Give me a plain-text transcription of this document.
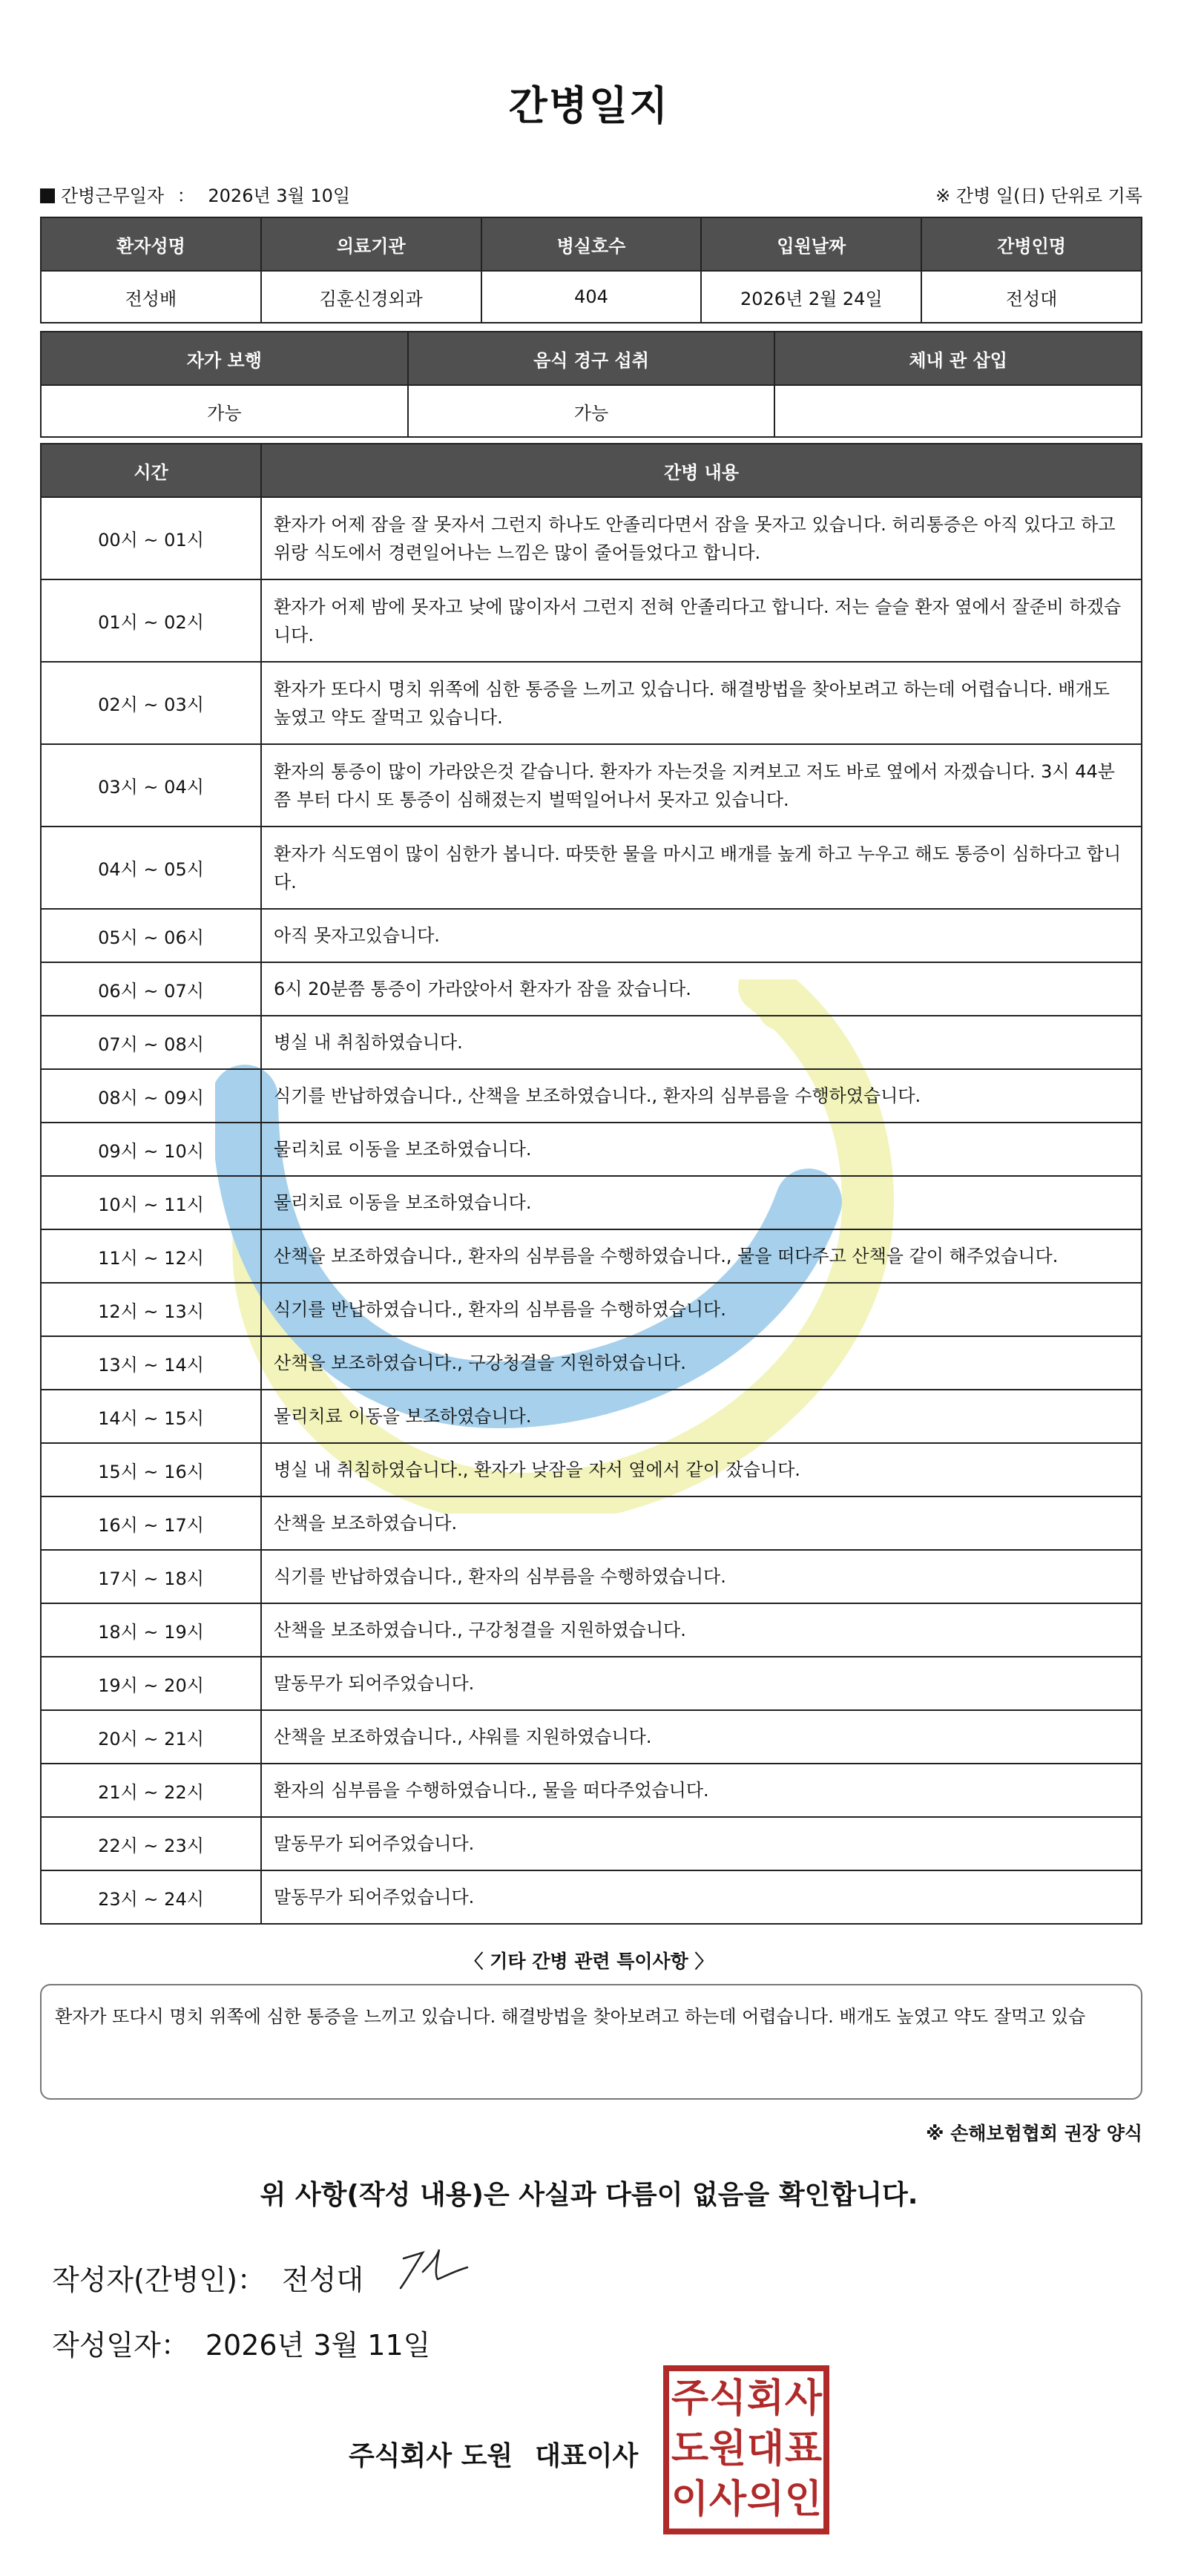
간병일지
간병근무일자 ： 2026년 3월 10일	※ 간병 일(日) 단위로 기록
환자성명	의료기관	병실호수	입원날짜	간병인명
전성배	김훈신경외과	404	2026년 2월 24일	전성대
자가 보행	음식 경구 섭취	체내 관 삽입
가능	가능	
시간	간병 내용
00시 ~ 01시	환자가 어제 잠을 잘 못자서 그런지 하나도 안졸리다면서 잠을 못자고 있습니다. 허리통증은 아직 있다고 하고 위랑 식도에서 경련일어나는 느낌은 많이 줄어들었다고 합니다.
01시 ~ 02시	환자가 어제 밤에 못자고 낮에 많이자서 그런지 전혀 안졸리다고 합니다. 저는 슬슬 환자 옆에서 잘준비 하겠습니다.
02시 ~ 03시	환자가 또다시 명치 위쪽에 심한 통증을 느끼고 있습니다. 해결방법을 찾아보려고 하는데 어렵습니다. 배개도 높였고 약도 잘먹고 있습니다.
03시 ~ 04시	환자의 통증이 많이 가라앉은것 같습니다. 환자가 자는것을 지켜보고 저도 바로 옆에서 자겠습니다. 3시 44분쯤 부터 다시 또 통증이 심해졌는지 벌떡일어나서 못자고 있습니다.
04시 ~ 05시	환자가 식도염이 많이 심한가 봅니다. 따뜻한 물을 마시고 배개를 높게 하고 누우고 해도 통증이 심하다고 합니다.
05시 ~ 06시	아직 못자고있습니다.
06시 ~ 07시	6시 20분쯤 통증이 가라앉아서 환자가 잠을 잤습니다.
07시 ~ 08시	병실 내 취침하였습니다.
08시 ~ 09시	식기를 반납하였습니다., 산책을 보조하였습니다., 환자의 심부름을 수행하였습니다.
09시 ~ 10시	물리치료 이동을 보조하였습니다.
10시 ~ 11시	물리치료 이동을 보조하였습니다.
11시 ~ 12시	산책을 보조하였습니다., 환자의 심부름을 수행하였습니다., 물을 떠다주고 산책을 같이 해주었습니다.
12시 ~ 13시	식기를 반납하였습니다., 환자의 심부름을 수행하였습니다.
13시 ~ 14시	산책을 보조하였습니다., 구강청결을 지원하였습니다.
14시 ~ 15시	물리치료 이동을 보조하였습니다.
15시 ~ 16시	병실 내 취침하였습니다., 환자가 낮잠을 자서 옆에서 같이 잤습니다.
16시 ~ 17시	산책을 보조하였습니다.
17시 ~ 18시	식기를 반납하였습니다., 환자의 심부름을 수행하였습니다.
18시 ~ 19시	산책을 보조하였습니다., 구강청결을 지원하였습니다.
19시 ~ 20시	말동무가 되어주었습니다.
20시 ~ 21시	산책을 보조하였습니다., 샤워를 지원하였습니다.
21시 ~ 22시	환자의 심부름을 수행하였습니다., 물을 떠다주었습니다.
22시 ~ 23시	말동무가 되어주었습니다.
23시 ~ 24시	말동무가 되어주었습니다.
〈 기타 간병 관련 특이사항 〉
환자가 또다시 명치 위쪽에 심한 통증을 느끼고 있습니다. 해결방법을 찾아보려고 하는데 어렵습니다. 배개도 높였고 약도 잘먹고 있습
※ 손해보험협회 권장 양식
위 사항(작성 내용)은 사실과 다름이 없음을 확인합니다.
작성자(간병인)： 전성대
작성일자： 2026년 3월 11일
주식회사 도원 대표이사
주 식 회 사
도 원 대 표
이 사 의 인
